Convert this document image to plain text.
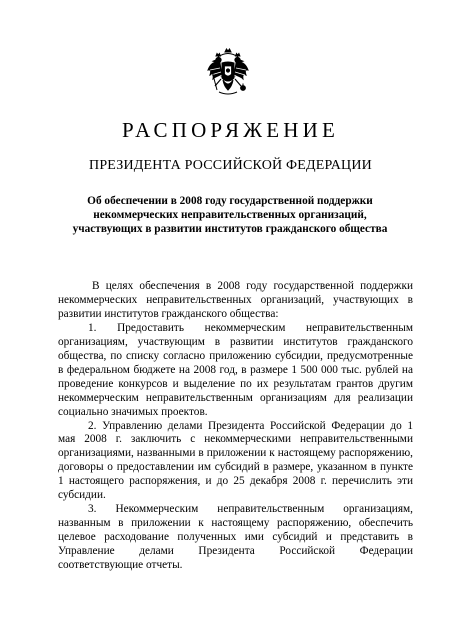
РАСПОРЯЖЕНИЕ
ПРЕЗИДЕНТА РОССИЙСКОЙ ФЕДЕРАЦИИ
Об обеспечении в 2008 году государственной поддержки некоммерческих неправительственных организаций, участвующих в развитии институтов гражданского общества

В целях обеспечения в 2008 году государственной поддержки некоммерческих неправительственных организаций, участвующих в развитии институтов гражданского общества:

1. Предоставить некоммерческим неправительственным организациям, участвующим в развитии институтов гражданского общества, по списку согласно приложению субсидии, предусмотренные в федеральном бюджете на 2008 год, в размере 1 500 000 тыс. рублей на проведение конкурсов и выделение по их результатам грантов другим некоммерческим неправительственным организациям для реализации социально значимых проектов.

2. Управлению делами Президента Российской Федерации до 1 мая 2008 г. заключить с некоммерческими неправительственными организациями, названными в приложении к настоящему распоряжению, договоры о предоставлении им субсидий в размере, указанном в пункте 1 настоящего распоряжения, и до 25 декабря 2008 г. перечислить эти субсидии.

3. Некоммерческим неправительственным организациям, названным в приложении к настоящему распоряжению, обеспечить целевое расходование полученных ими субсидий и представить в Управление делами Президента Российской Федерации соответствующие отчеты.
